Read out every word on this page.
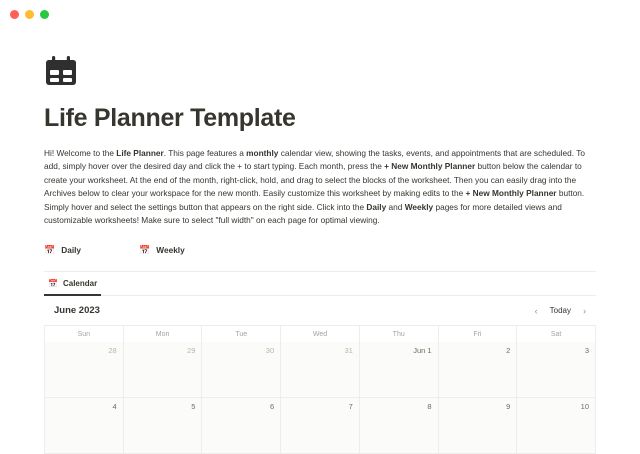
Life Planner Template
Hi! Welcome to the Life Planner. This page features a monthly calendar view, showing the tasks, events, and appointments that are scheduled. To add, simply hover over the desired day and click the + to start typing. Each month, press the + New Monthly Planner button below the calendar to create your worksheet. At the end of the month, right-click, hold, and drag to select the blocks of the worksheet. Then you can easily drag into the Archives below to clear your workspace for the new month. Easily customize this worksheet by making edits to the + New Monthly Planner button. Simply hover and select the settings button that appears on the right side. Click into the Daily and Weekly pages for more detailed views and customizable worksheets! Make sure to select "full width" on each page for optimal viewing.
📅 Daily	📅 Weekly
📅 Calendar
June 2023	‹ Today ›
Sun	Mon	Tue	Wed	Thu	Fri	Sat
28	29	30	31	Jun 1	2	3
4	5	6	7	8	9	10
